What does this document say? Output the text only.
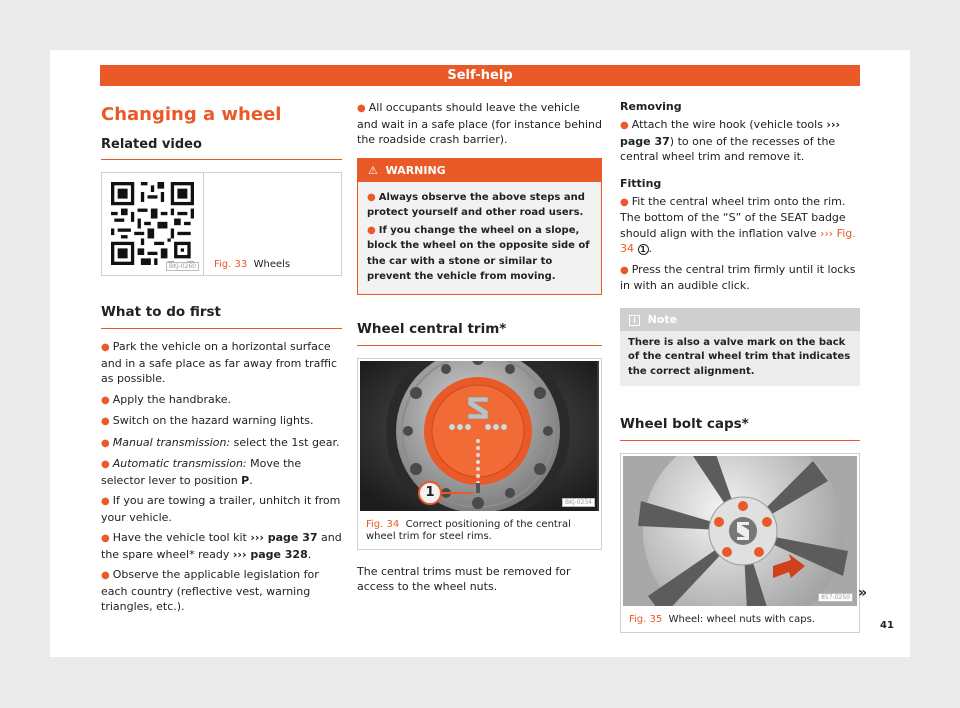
Self-help
Changing a wheel
Related video
BKJ-0260	Fig. 33 Wheels
What to do first

● Park the vehicle on a horizontal surface and in a safe place as far away from traffic as possible.

● Apply the handbrake.

● Switch on the hazard warning lights.

● Manual transmission: select the 1st gear.

● Automatic transmission: Move the selector lever to position P.

● If you are towing a trailer, unhitch it from your vehicle.

● Have the vehicle tool kit ››› page 37 and the spare wheel* ready ››› page 328.

● Observe the applicable legislation for each country (reflective vest, warning triangles, etc.).

● All occupants should leave the vehicle and wait in a safe place (for instance behind the roadside crash barrier).

⚠ WARNING

● Always observe the above steps and protect yourself and other road users.

● If you change the wheel on a slope, block the wheel on the opposite side of the car with a stone or similar to prevent the vehicle from moving.

Wheel central trim*
1
BKJ-0234
Fig. 34 Correct positioning of the central wheel trim for steel rims.

The central trims must be removed for access to the wheel nuts.

Removing

● Attach the wire hook (vehicle tools ››› page 37) to one of the recesses of the central wheel trim and remove it.

Fitting

● Fit the central wheel trim onto the rim. The bottom of the “S” of the SEAT badge should align with the inflation valve ››› Fig. 34 1 .

● Press the central trim firmly until it locks in with an audible click.

i Note

There is also a valve mark on the back of the central wheel trim that indicates the correct alignment.

Wheel bolt caps*
857-0250
Fig. 35 Wheel: wheel nuts with caps.
»
41
